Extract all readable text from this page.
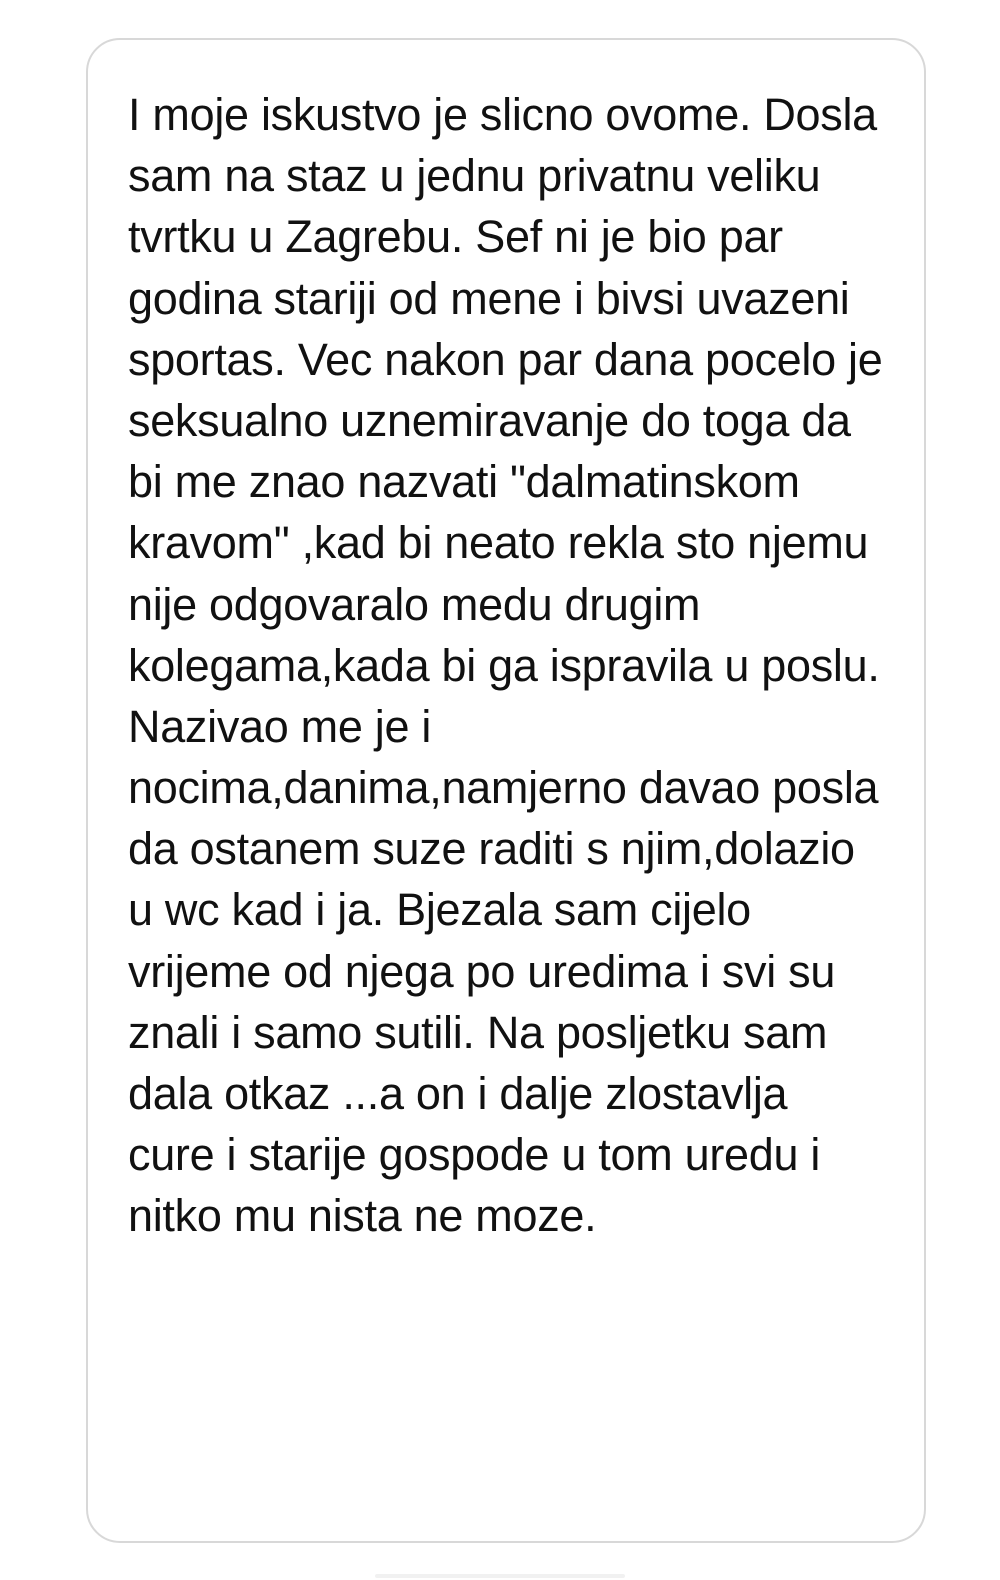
I moje iskustvo je slicno ovome. Dosla sam na staz u jednu privatnu veliku tvrtku u Zagrebu. Sef ni je bio par godina stariji od mene i bivsi uvazeni sportas. Vec nakon par dana pocelo je seksualno uznemiravanje do toga da bi me znao nazvati "dalmatinskom kravom" ,kad bi neato rekla sto njemu nije odgovaralo medu drugim kolegama,kada bi ga ispravila u poslu. Nazivao me je i nocima,danima,namjerno davao posla da ostanem suze raditi s njim,dolazio u wc kad i ja. Bjezala sam cijelo vrijeme od njega po uredima i svi su znali i samo sutili. Na posljetku sam dala otkaz ...a on i dalje zlostavlja cure i starije gospode u tom uredu i nitko mu nista ne moze.
